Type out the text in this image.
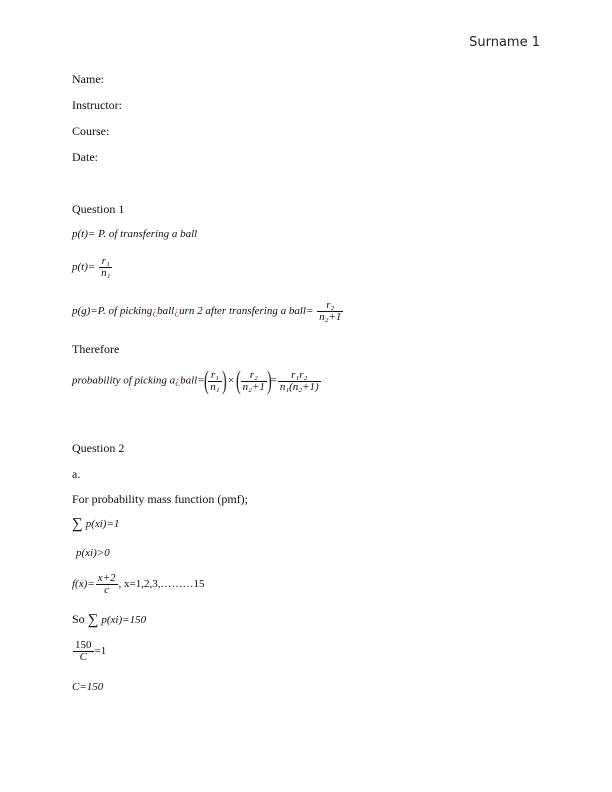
Surname 1
Name:
Instructor:
Course:
Date:
Question 1
p(t)= P. of transfering a ball
$p(t)= \frac{\text{r₁}}{\text{n₁}}$
p(g)=P. of picking¿ball¿urn 2 after transfering a ball= $\frac{\text{r₂}}{\text{n₂+1}}$
Therefore
probability of picking a¿ball=( $\frac{\text{r₁}}{\text{n₁}}$ ) × ( $\frac{\text{r₂}}{\text{n₂+1}}$ )= $\frac{\text{r₁r₂}}{\text{n₁(n₂+1)}}$
Question 2
a.
For probability mass function (pmf);
∑ p(xi)=1
p(xi)>0
$f(x)= \frac{x+2}{c}$ , x=1,2,3,………15
So ∑ p(xi)=150
$\frac{150}{C} =1$
C=150
